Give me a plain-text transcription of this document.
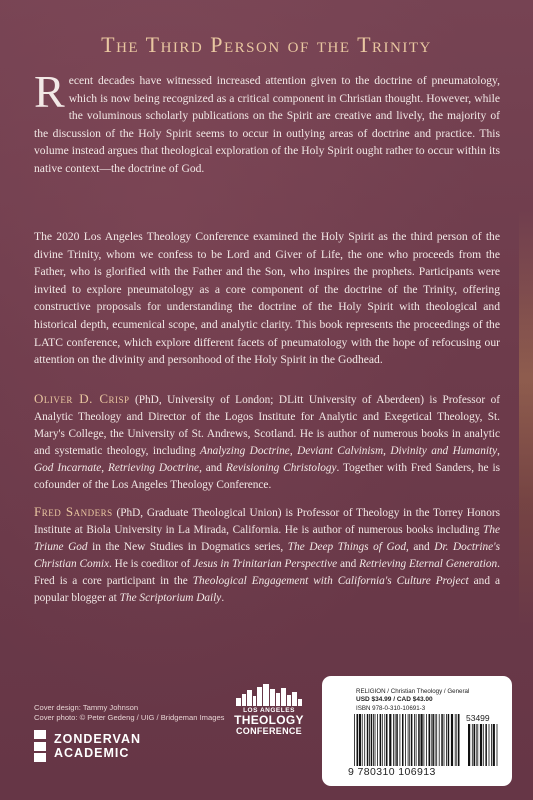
The Third Person of the Trinity

Recent decades have witnessed increased attention given to the doctrine of pneumatology, which is now being recognized as a critical component in Christian thought. However, while the voluminous scholarly publications on the Spirit are creative and lively, the majority of the discussion of the Holy Spirit seems to occur in outlying areas of doctrine and practice. This volume instead argues that theological exploration of the Holy Spirit ought rather to occur within its native context—the doctrine of God.

The 2020 Los Angeles Theology Conference examined the Holy Spirit as the third person of the divine Trinity, whom we confess to be Lord and Giver of Life, the one who proceeds from the Father, who is glorified with the Father and the Son, who inspires the prophets. Participants were invited to explore pneumatology as a core component of the doctrine of the Trinity, offering constructive proposals for understanding the doctrine of the Holy Spirit with theological and historical depth, ecumenical scope, and analytic clarity. This book represents the proceedings of the LATC conference, which explore different facets of pneumatology with the hope of refocusing our attention on the divinity and personhood of the Holy Spirit in the Godhead.

Oliver D. Crisp (PhD, University of London; DLitt University of Aberdeen) is Professor of Analytic Theology and Director of the Logos Institute for Analytic and Exegetical Theology, St. Mary's College, the University of St. Andrews, Scotland. He is author of numerous books in analytic and systematic theology, including Analyzing Doctrine, Deviant Calvinism, Divinity and Humanity, God Incarnate, Retrieving Doctrine, and Revisioning Christology. Together with Fred Sanders, he is cofounder of the Los Angeles Theology Conference.

Fred Sanders (PhD, Graduate Theological Union) is Professor of Theology in the Torrey Honors Institute at Biola University in La Mirada, California. He is author of numerous books including The Triune God in the New Studies in Dogmatics series, The Deep Things of God, and Dr. Doctrine's Christian Comix. He is coeditor of Jesus in Trinitarian Perspective and Retrieving Eternal Generation. Fred is a core participant in the Theological Engagement with California's Culture Project and a popular blogger at The Scriptorium Daily.

Cover design: Tammy Johnson
Cover photo: © Peter Gedeng / UIG / Bridgeman Images
ZONDERVAN
ACADEMIC
LOS ANGELES
THEOLOGY
CONFERENCE
RELIGION / Christian Theology / General
USD $34.99 / CAD $43.00
ISBN 978-0-310-10691-3
53499
9 780310 106913
